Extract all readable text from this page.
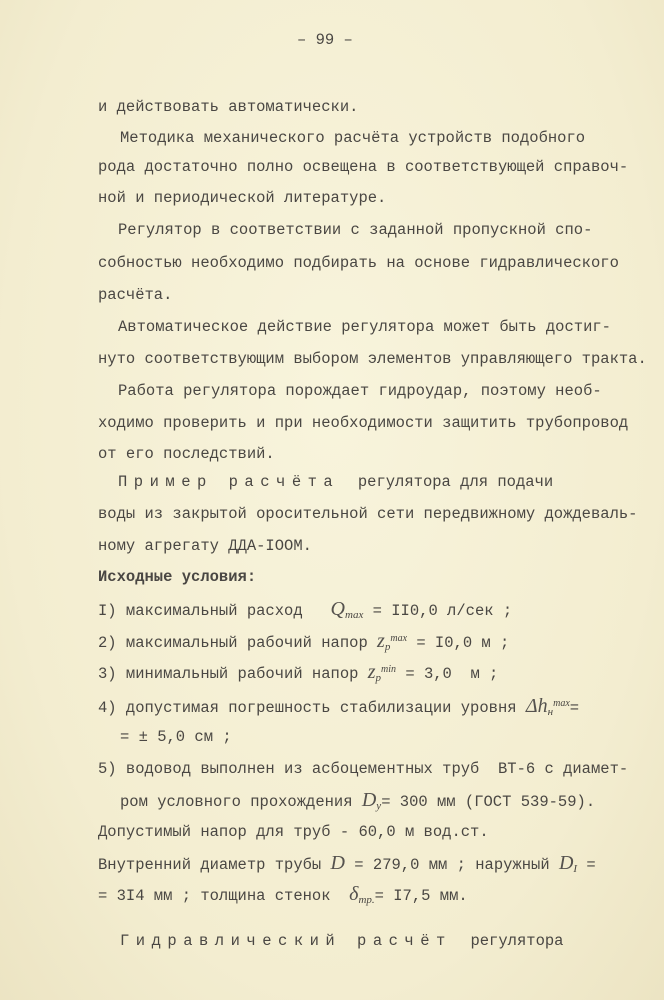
– 99 –
и действовать автоматически.
Методика механического расчёта устройств подобного
рода достаточно полно освещена в соответствующей справоч-
ной и периодической литературе.
Регулятор в соответствии с заданной пропускной спо-
собностью необходимо подбирать на основе гидравлического
расчёта.
Автоматическое действие регулятора может быть достиг-
нуто соответствующим выбором элементов управляющего тракта.
Работа регулятора порождает гидроудар, поэтому необ-
ходимо проверить и при необходимости защитить трубопровод
от его последствий.
Пример расчёта регулятора для подачи
воды из закрытой оросительной сети передвижному дождеваль-
ному агрегату ДДА-IOOM.
Исходные условия:
I) максимальный расход   Qmax = II0,0 л/сек ;
2) максимальный рабочий напор $zр^{max} = I0,0$ м ;
3) минимальный рабочий напор $zр^{min} = 3,0$  м ;
4) допустимая погрешность стабилизации уровня Δhн$^{max}$=
= ± 5,0 см ;
5) водовод выполнен из асбоцементных труб  ВТ-6 с диамет-
ром условного прохождения Dу= 300 мм (ГОСТ 539-59).
Допустимый напор для труб - 60,0 м вод.ст.
Внутренний диаметр трубы D = 279,0 мм ; наружный DI =
= 3I4 мм ; толщина стенок  δтр.= I7,5 мм.
Гидравлический расчёт регулятора
